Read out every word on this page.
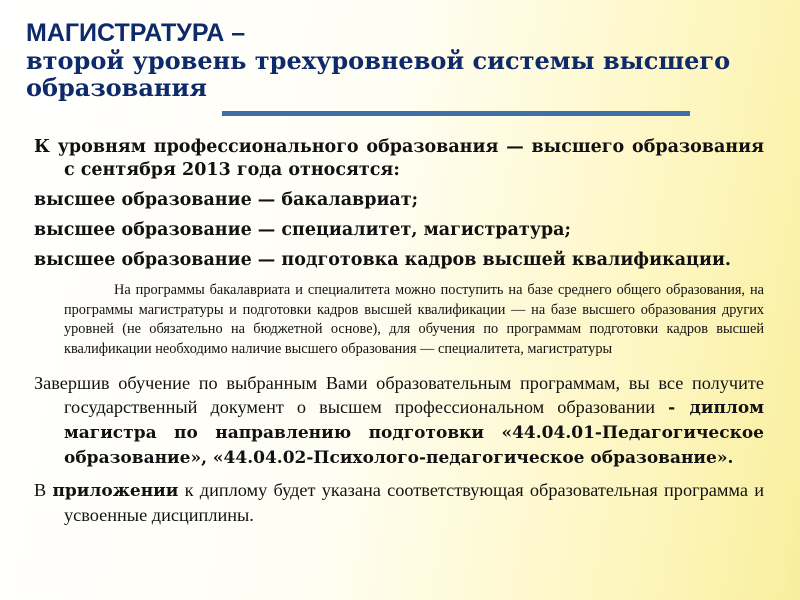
МАГИСТРАТУРА –
второй уровень трехуровневой системы высшего
образования

К уровням профессионального образования — высшего образования с сентября 2013 года относятся:

высшее образование — бакалавриат;

высшее образование — специалитет, магистратура;

высшее образование — подготовка кадров высшей квалификации.

На программы бакалавриата и специалитета можно поступить на базе среднего общего образования, на программы магистратуры и подготовки кадров высшей квалификации — на базе высшего образования других уровней (не обязательно на бюджетной основе), для обучения по программам подготовки кадров высшей квалификации необходимо наличие высшего образования — специалитета, магистратуры

Завершив обучение по выбранным Вами образовательным программам, вы все получите государственный документ о высшем профессиональном образовании - диплом магистра по направлению подготовки «44.04.01-Педагогическое образование», «44.04.02-Психолого-педагогическое образование».

В приложении к диплому будет указана соответствующая образовательная программа и усвоенные дисциплины.
